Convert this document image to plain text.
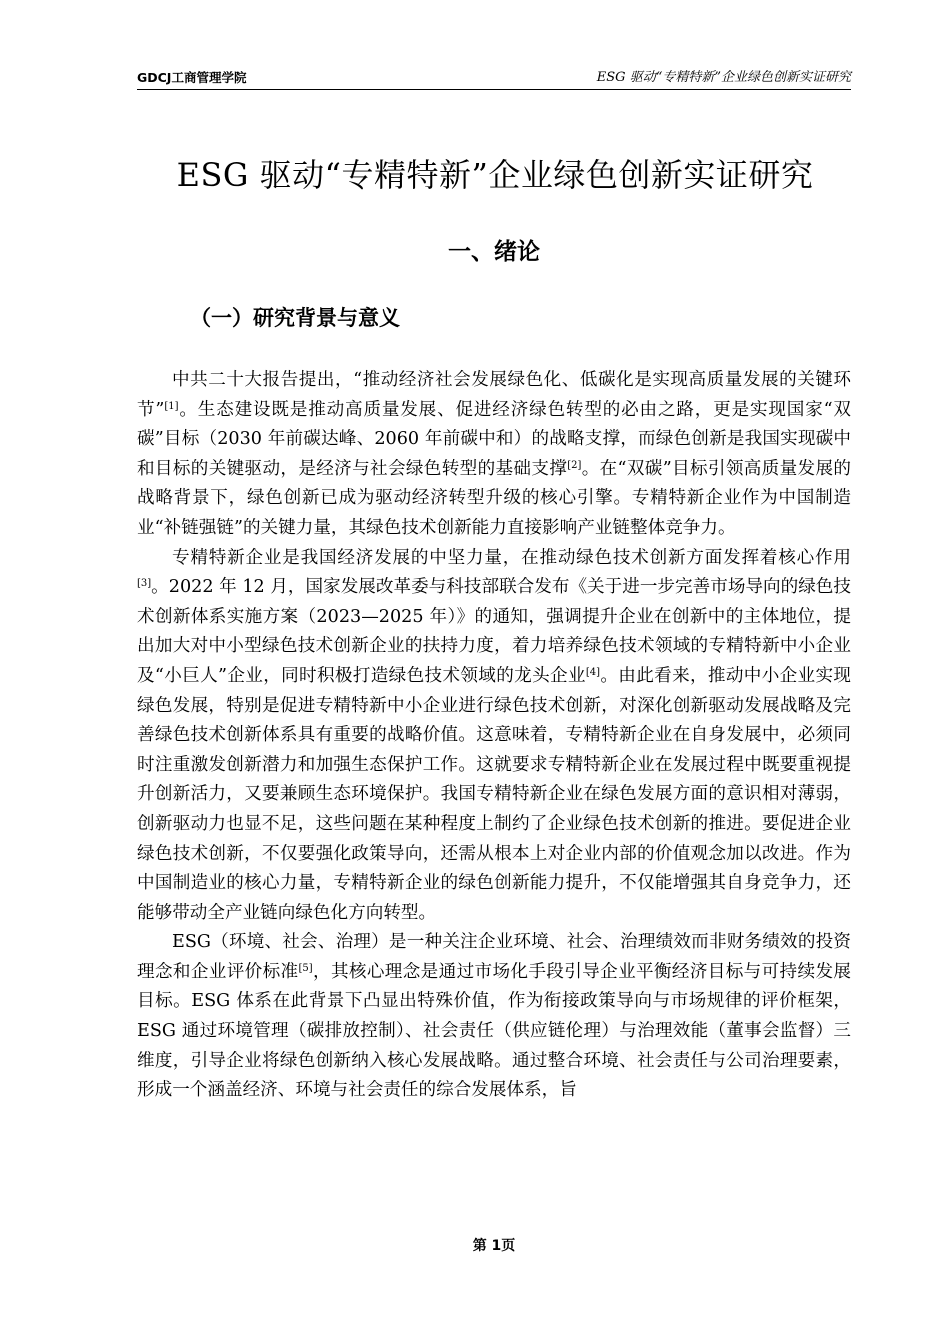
GDCJ工商管理学院	ESG 驱动“专精特新”企业绿色创新实证研究
ESG 驱动“专精特新”企业绿色创新实证研究
一、绪论
（一）研究背景与意义

中共二十大报告提出，“推动经济社会发展绿色化、低碳化是实现高质量发展的关键环节”[1]。生态建设既是推动高质量发展、促进经济绿色转型的必由之路，更是实现国家“双碳”目标（2030 年前碳达峰、2060 年前碳中和）的战略支撑，而绿色创新是我国实现碳中和目标的关键驱动，是经济与社会绿色转型的基础支撑[2]。在“双碳”目标引领高质量发展的战略背景下，绿色创新已成为驱动经济转型升级的核心引擎。专精特新企业作为中国制造业“补链强链”的关键力量，其绿色技术创新能力直接影响产业链整体竞争力。

专精特新企业是我国经济发展的中坚力量，在推动绿色技术创新方面发挥着核心作用[3]。2022 年 12 月，国家发展改革委与科技部联合发布《关于进一步完善市场导向的绿色技术创新体系实施方案（2023—2025 年）》的通知，强调提升企业在创新中的主体地位，提出加大对中小型绿色技术创新企业的扶持力度，着力培养绿色技术领域的专精特新中小企业及“小巨人”企业，同时积极打造绿色技术领域的龙头企业[4]。由此看来，推动中小企业实现绿色发展，特别是促进专精特新中小企业进行绿色技术创新，对深化创新驱动发展战略及完善绿色技术创新体系具有重要的战略价值。这意味着，专精特新企业在自身发展中，必须同时注重激发创新潜力和加强生态保护工作。这就要求专精特新企业在发展过程中既要重视提升创新活力，又要兼顾生态环境保护。我国专精特新企业在绿色发展方面的意识相对薄弱，创新驱动力也显不足，这些问题在某种程度上制约了企业绿色技术创新的推进。要促进企业绿色技术创新，不仅要强化政策导向，还需从根本上对企业内部的价值观念加以改进。作为中国制造业的核心力量，专精特新企业的绿色创新能力提升，不仅能增强其自身竞争力，还能够带动全产业链向绿色化方向转型。

ESG（环境、社会、治理）是一种关注企业环境、社会、治理绩效而非财务绩效的投资理念和企业评价标准[5]，其核心理念是通过市场化手段引导企业平衡经济目标与可持续发展目标。ESG 体系在此背景下凸显出特殊价值，作为衔接政策导向与市场规律的评价框架，ESG 通过环境管理（碳排放控制）、社会责任（供应链伦理）与治理效能（董事会监督）三维度，引导企业将绿色创新纳入核心发展战略。通过整合环境、社会责任与公司治理要素，形成一个涵盖经济、环境与社会责任的综合发展体系，旨

第 1页
